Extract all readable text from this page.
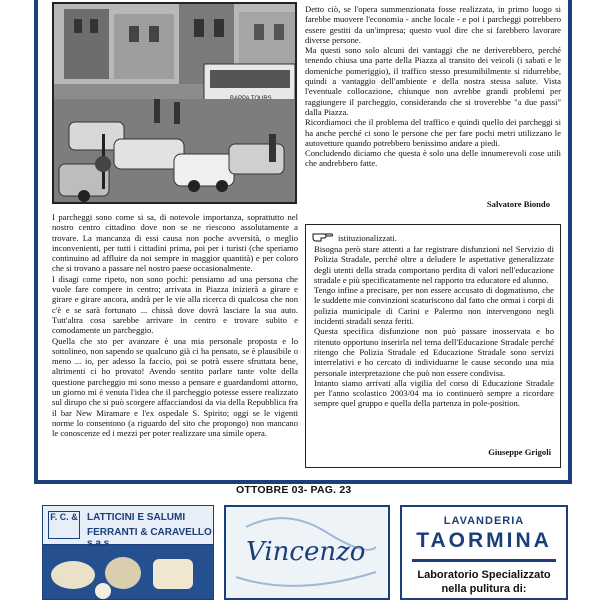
Detto ciò, se l'opera summenzionata fosse realizzata, in primo luogo si farebbe muovere l'economia - anche locale - e poi i parcheggi potrebbero essere gestiti da un'impresa; questo vuol dire che si farebbero lavorare diverse persone.

Ma questi sono solo alcuni dei vantaggi che ne deriverebbero, perché tenendo chiusa una parte della Piazza al transito dei veicoli (i sabati e le domeniche pomeriggio), il traffico stesso presumibilmente si ridurrebbe, quindi a vantaggio dell'ambiente e della nostra stessa salute. Vista l'eventuale collocazione, chiunque non avrebbe grandi problemi per raggiungere il parcheggio, considerando che si troverebbe "a due passi" dalla Piazza.

Ricordiamoci che il problema del traffico e quindi quello dei parcheggi si ha anche perché ci sono le persone che per fare pochi metri utilizzano le autovetture quando potrebbero benissimo andare a piedi.

Concludendo diciamo che questa è solo una delle innumerevoli cose utili che andrebbero fatte.

Salvatore Biondo

I parcheggi sono come si sa, di notevole importanza, soprattutto nel nostro centro cittadino dove non se ne riescono assolutamente a trovare. La mancanza di essi causa non poche avversità, o meglio inconvenienti, per tutti i cittadini prima, poi per i turisti (che speriamo continuino ad affluire da noi sempre in maggior quantità) e per coloro che si trovano a passare nel nostro paese occasionalmente.

I disagi come ripeto, non sono pochi: pensiamo ad una persona che vuole fare compere in centro; arrivata in Piazza inizierà a girare e girare e girare ancora, andrà per le vie alla ricerca di qualcosa che non c'è e se sarà fortunato ... chissà dove dovrà lasciare la sua auto. Tutt'altra cosa sarebbe arrivare in centro e trovare subito e comodamente un parcheggio.

Quella che sto per avanzare è una mia personale proposta e lo sottolineo, non sapendo se qualcuno già ci ha pensato, se è plausibile o meno ... io, per adesso la faccio, poi se potrà essere sfruttata bene, altrimenti ci ho provato! Avendo sentito parlare tante volte della questione parcheggio mi sono messo a pensare e guardandomi attorno, un giorno mi è venuta l'idea che il parcheggio potesse essere realizzato sul dirupo che si può scorgere affacciandosi da via della Repubblica fra il bar New Miramare e l'ex ospedale S. Spirito; oggi se le vigenti norme lo consentono (a riguardo del sito che propongo) non mancano le conoscenze ed i mezzi per poter realizzare una simile opera.

istituzionalizzati.

Bisogna però stare attenti a far registrare disfunzioni nel Servizio di Polizia Stradale, perché oltre a deludere le aspettative generalizzate degli utenti della strada comportano perdita di valori nell'educazione stradale e più specificatamente nel rapporto tra educatore ed alunno.

Tengo infine a precisare, per non essere accusato di dogmatismo, che le suddette mie convinzioni scaturiscono dal fatto che ormai i corpi di polizia municipale di Carini e Palermo non intervengono negli incidenti stradali senza feriti.

Questa specifica disfunzione non può passare inosservata e ho ritenuto opportuno inserirla nel tema dell'Educazione Stradale perché ritengo che Polizia Stradale ed Educazione Stradale sono servizi interrelativi e ho cercato di individuarne le cause secondo una mia personale interpretazione che può non essere condivisa.

Intanto siamo arrivati alla vigilia del corso di Educazione Stradale per l'anno scolastico 2003/04 ma io continuerò sempre a ricordare sempre quel gruppo e quella della partenza in pole-position.

Giuseppe Grigoli
OTTOBRE 03- PAG. 23
F. C. & LATTICINI E SALUMI
FERRANTI & CARAVELLO s.a.s	Vincenzo
LAVANDERIA
TAORMINA
Laboratorio Specializzato
nella pulitura di:
